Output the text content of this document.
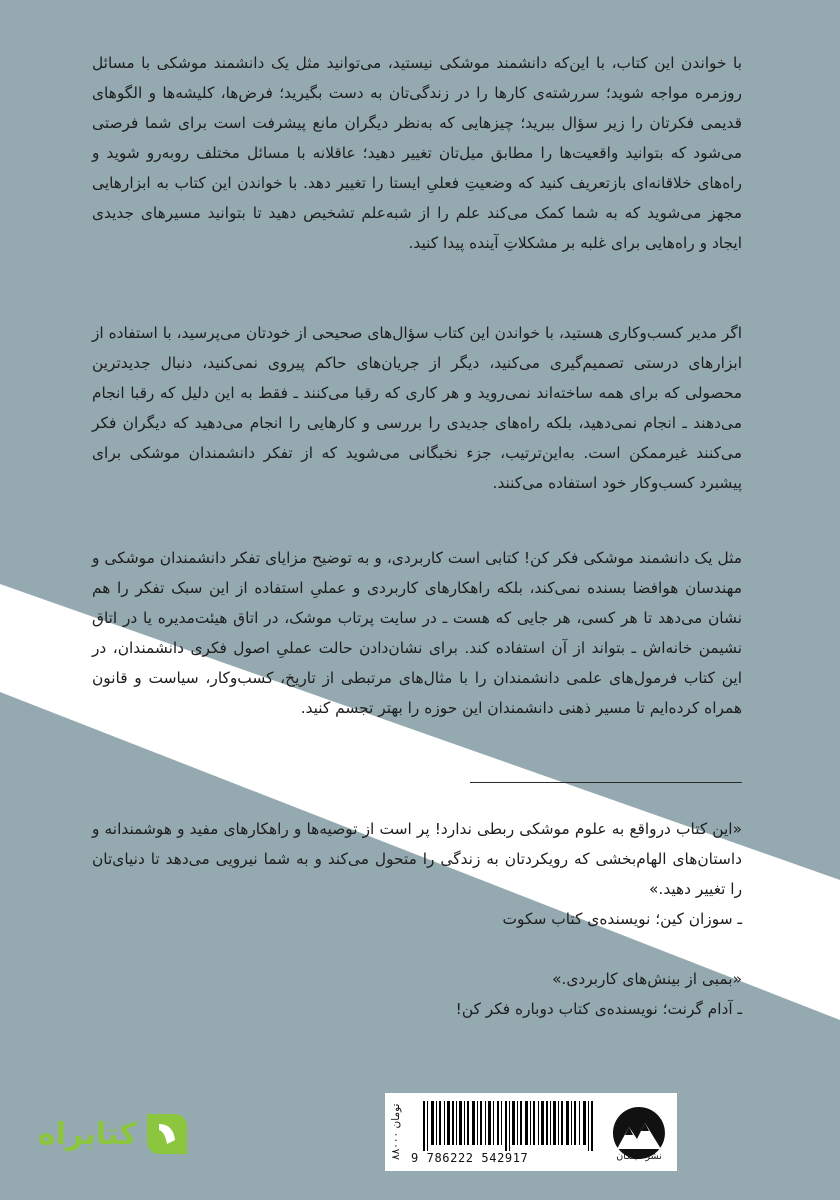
با خواندن این کتاب، با این‌که دانشمند موشکی نیستید، می‌توانید مثل یک دانشمند موشکی با مسائل روزمره مواجه شوید؛ سررشته‌ی کارها را در زندگی‌تان به دست بگیرید؛ فرض‌ها، کلیشه‌ها و الگوهای قدیمی فکرتان را زیر سؤال ببرید؛ چیزهایی که به‌نظر دیگران مانع پیشرفت است برای شما فرصتی می‌شود که بتوانید واقعیت‌ها را مطابق میل‌تان تغییر دهید؛ عاقلانه با مسائل مختلف روبه‌رو شوید و راه‌های خلاقانه‌ای بازتعریف کنید که وضعیتِ فعلیِ ایستا را تغییر دهد. با خواندن این کتاب به ابزارهایی مجهز می‌شوید که به شما کمک می‌کند علم را از شبه‌علم تشخیص دهید تا بتوانید مسیرهای جدیدی ایجاد و راه‌هایی برای غلبه بر مشکلاتِ آینده پیدا کنید.

اگر مدیر کسب‌وکاری هستید، با خواندن این کتاب سؤال‌های صحیحی از خودتان می‌پرسید، با استفاده از ابزارهای درستی تصمیم‌گیری می‌کنید، دیگر از جریان‌های حاکم پیروی نمی‌کنید، دنبال جدیدترین محصولی که برای همه ساخته‌اند نمی‌روید و هر کاری که رقبا می‌کنند ـ فقط به این دلیل که رقبا انجام می‌دهند ـ انجام نمی‌دهید، بلکه راه‌های جدیدی را بررسی و کارهایی را انجام می‌دهید که دیگران فکر می‌کنند غیرممکن است. به‌این‌ترتیب، جزء نخبگانی می‌شوید که از تفکر دانشمندان موشکی برای پیشبرد کسب‌وکار خود استفاده می‌کنند.

مثل یک دانشمند موشکی فکر کن! کتابی است کاربردی، و به توضیح مزایای تفکر دانشمندان موشکی و مهندسان هوافضا بسنده نمی‌کند، بلکه راهکارهای کاربردی و عملیِ استفاده از این سبک تفکر را هم نشان می‌دهد تا هر کسی، هر جایی که هست ـ در سایت پرتاب موشک، در اتاق هیئت‌مدیره یا در اتاق نشیمن خانه‌اش ـ بتواند از آن استفاده کند. برای نشان‌دادن حالت عملیِ اصول فکری دانشمندان، در این کتاب فرمول‌های علمی دانشمندان را با مثال‌های مرتبطی از تاریخ، کسب‌وکار، سیاست و قانون همراه کرده‌ایم تا مسیر ذهنی دانشمندان این حوزه را بهتر تجسم کنید.

«این کتاب درواقع به علوم موشکی ربطی ندارد! پر است از توصیه‌ها و راهکارهای مفید و هوشمندانه و داستان‌های الهام‌بخشی که رویکردتان به زندگی را متحول می‌کند و به شما نیرویی می‌دهد تا دنیای‌تان را تغییر دهید.»

ـ سوزان کین؛ نویسنده‌ی کتاب سکوت

«بمبی از بینش‌های کاربردی.»

ـ آدام گرنت؛ نویسنده‌ی کتاب دوباره فکر کن!

کتابراه	۸۸۰۰۰ تومان
9 786222 542917	نشر میلکان
